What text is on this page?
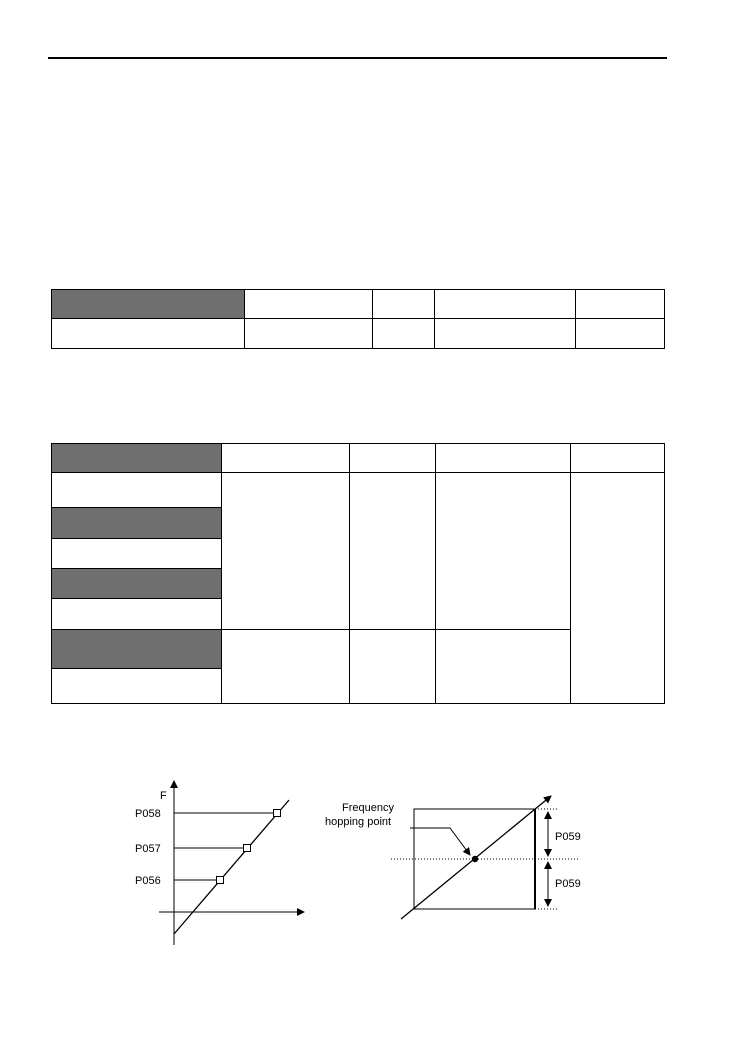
F
P058
P057
P056
Frequency
hopping point
P059
P059
